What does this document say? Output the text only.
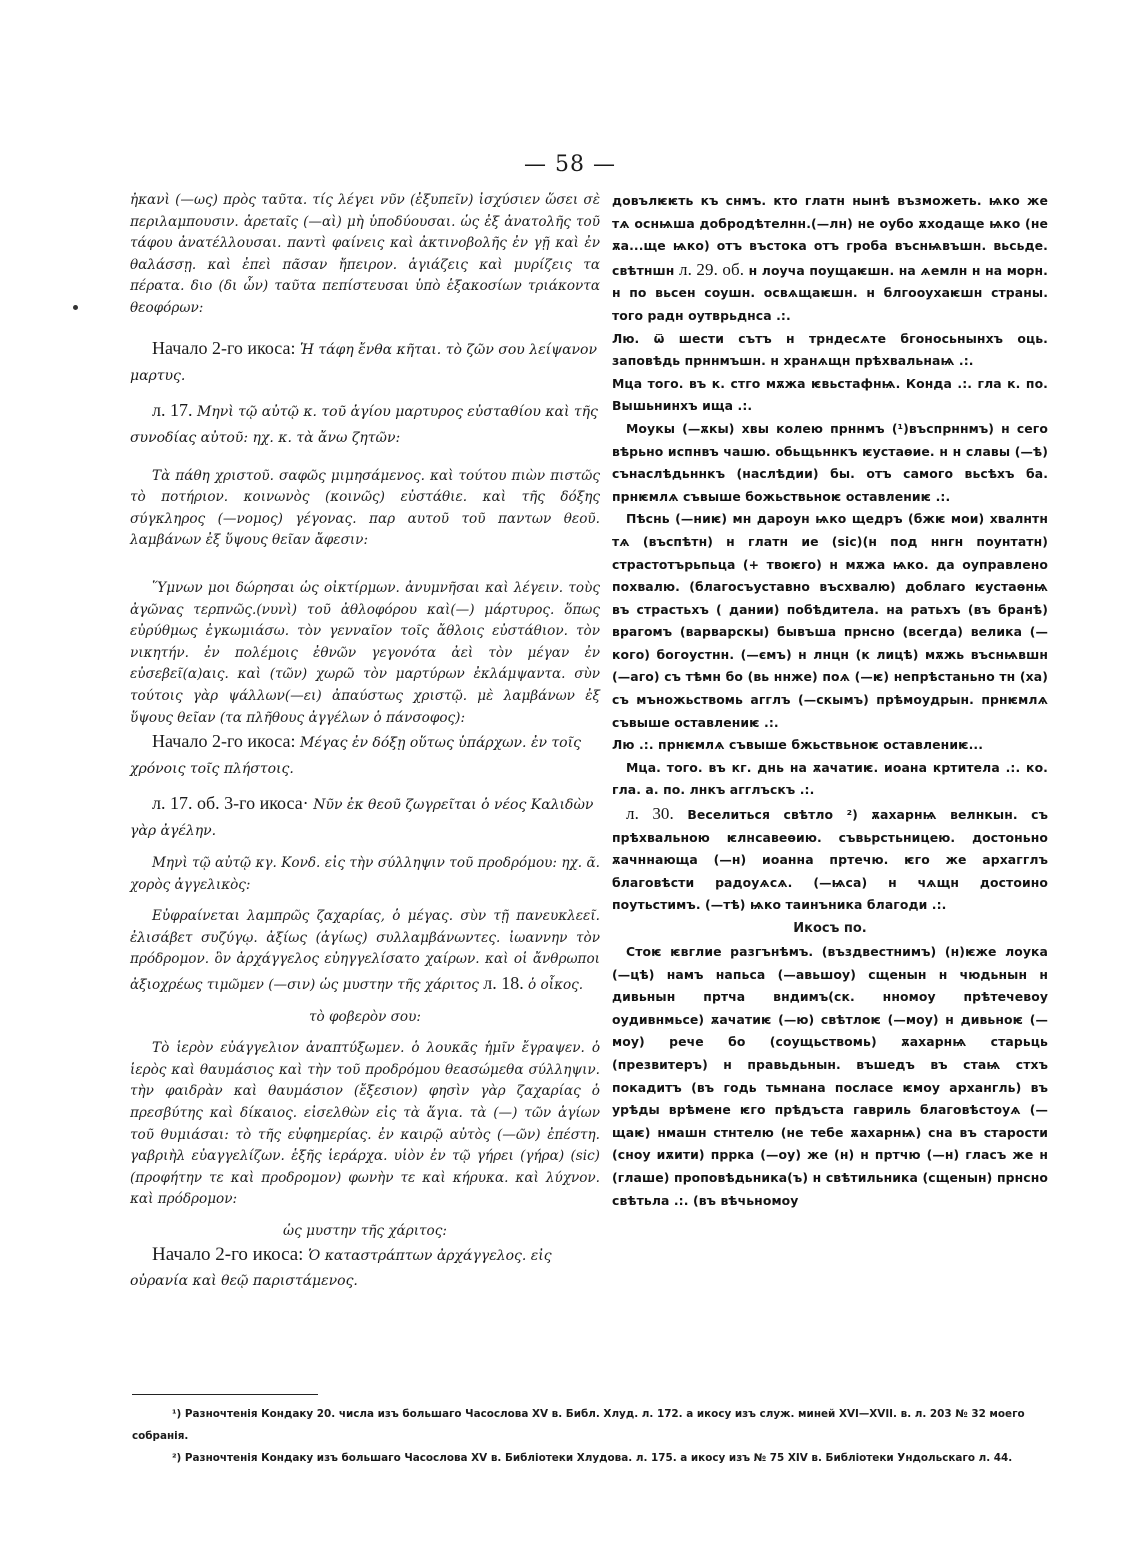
— 58 —

ἠκανὶ (—ως) πρὸς ταῦτα. τίς λέγει νῦν (ἐξυπεῖν) ἰσχύσιεν ὥσει σὲ περιλαμπουσιν. ἀρεταῖς (—αὶ) μὴ ὑποδύουσαι. ὡς ἐξ ἀνατολῆς τοῦ τάφου ἀνατέλλουσαι. παντὶ φαίνεις καὶ ἀκτινοβολῆς ἐν γῇ καὶ ἐν θαλάσσῃ. καὶ ἐπεὶ πᾶσαν ἤπειρον. ἁγιάζεις καὶ μυρίζεις τα πέρατα. διο (δι ὧν) ταῦτα πεπίστευσαι ὑπὸ ἑξακοσίων τριάκοντα θεοφόρων:

Начало 2-го икоса: Ἡ τάφη ἔνθα κῆται. τὸ ζῶν σου λείψανον μαρτυς.

л. 17. Μηνὶ τῷ αὐτῷ κ. τοῦ ἁγίου μαρτυρος εὐσταθίου καὶ τῆς συνοδίας αὐτοῦ: ηχ. κ. τὰ ἄνω ζητῶν:

Τὰ πάθη χριστοῦ. σαφῶς μιμησάμενος. καὶ τούτου πιὼν πιστῶς τὸ ποτήριον. κοινωνὸς (κοινῶς) εὐστάθιε. καὶ τῆς δόξης σύγκληρος (—νομος) γέγονας. παρ αυτοῦ τοῦ παντων θεοῦ. λαμβάνων ἐξ ὕψους θεῖαν ἄφεσιν:

Ὕμνων μοι δώρησαι ὡς οἰκτίρμων. ἀνυμνῆσαι καὶ λέγειν. τοὺς ἀγῶνας τερπνῶς.(νυνὶ) τοῦ ἀθλοφόρου καὶ(—) μάρτυρος. ὅπως εὐρύθμως ἐγκωμιάσω. τὸν γενναῖον τοῖς ἄθλοις εὐστάθιον. τὸν νικητήν. ἐν πολέμοις ἐθνῶν γεγονότα ἀεὶ τὸν μέγαν ἐν εὐσεβεῖ(α)αις. καὶ (τῶν) χωρῶ τὸν μαρτύρων ἐκλάμψαντα. σὺν τούτοις γὰρ ψάλλων(—ει) ἀπαύστως χριστῷ. μὲ λαμβάνων ἐξ ὕψους θεῖαν (τα πλῆθους ἀγγέλων ὁ πάνσοφος):

Начало 2-го икоса: Μέγας ἐν δόξῃ οὕτως ὑπάρχων. ἐν τοῖς χρόνοις τοῖς πλήστοις.

л. 17. об. 3-го икоса· Νῦν ἐκ θεοῦ ζωγρεῖται ὁ νέος Καλιδὼν γὰρ ἀγέλην.

Μηνὶ τῷ αὐτῷ κγ. Κονδ. εἰς τὴν σύλληψιν τοῦ προδρόμου: ηχ. ᾶ. χορὸς ἀγγελικὸς:

Εὐφραίνεται λαμπρῶς ζαχαρίας, ὁ μέγας. σὺν τῇ πανευκλεεῖ. ἐλισάβετ συζύγῳ. ἀξίως (ἁγίως) συλλαμβάνωντες. ἰωαννην τὸν πρόδρομον. ὃν ἀρχάγγελος εὐηγγελίσατο χαίρων. καὶ οἱ ἄνθρωποι ἀξιοχρέως τιμῶμεν (—σιν) ὡς μυστην τῆς χάριτος л. 18. ὁ οἶκος.

τὸ φοβερὸν σου:

Τὸ ἱερὸν εὐάγγελιον ἀναπτύξωμεν. ὁ λουκᾶς ἡμῖν ἔγραψεν. ὁ ἱερὸς καὶ θαυμάσιος καὶ τὴν τοῦ προδρόμου θεασώμεθα σύλληψιν. τὴν φαιδρὰν καὶ θαυμάσιον (ἔξεσιον) φησὶν γὰρ ζαχαρίας ὁ πρεσβύτης καὶ δίκαιος. εἰσελθὼν εἰς τὰ ἅγια. τὰ (—) τῶν ἁγίων τοῦ θυμιάσαι: τὸ τῆς εὐφημερίας. ἐν καιρῷ αὐτὸς (—ῶν) ἐπέστη. γαβριὴλ εὐαγγελίζων. ἑξῆς ἱεράρχα. υἱὸν ἐν τῷ γήρει (γήρα) (sic) (προφήτην τε καὶ προδρομον) φωνὴν τε καὶ κήρυκα. καὶ λύχνον. καὶ πρόδρομον:

ὡς μυστην τῆς χάριτος:

Начало 2-го икоса: Ὁ καταστράπτων ἀρχάγγελος. εἰς οὐρανία καὶ θεῷ παριστάμενος.

довълѥѥть къ снмъ. кто глатн нынѣ възможеть. ѩко же тѧ оснѩша добродѣтелнн.(—лн) не оубо ѫходаще ѩко (не ѫа...ще ѩко) отъ въстока отъ гроба въснѩвъшн. вьсьде. свѣтншн л. 29. об. н лоуча поущаѥшн. на ѧемлн н на морн. н по вьсен соушн. освѧщаѥшн. н блгооухаѥшн страны. того радн оутврьднса .:.

Лю. ѿ шести сътъ н трндесѧте бгоносьнынхъ оць. заповѣдь прннмъшн. н хранѧщн прѣхвальнаѩ .:.

Мца того. въ к. стго мѫжа ѥвьстафнѩ. Конда .:. гла к. по. Вышьнинхъ ища .:.

Моукы (—ѫкы) хвы колею прннмъ (¹)въспрннмъ) н сего вѣрьно испнвъ чашю. обьщьннкъ ѥустаѳие. н н славы (—ѣ) сънаслѣдьннкъ (наслѣдии) бы. отъ самого вьсѣхъ ба. прнѥмлѧ съвыше божьствьноѥ оставлениѥ .:.

Пѣснь (—ниѥ) мн дароун ѩко щедръ (бжѥ мои) хвалнтн тѧ (въспѣтн) н глатн ие (sic)(н под ннгн поунтатн) страстотърьпьца (+ твоѥго) н мѫжа ѩко. да оуправлено похвалю. (благосъуставно въсхвалю) доблаго ѥустаѳнѩ въ страстьхъ ( дании) побѣдитела. на ратьхъ (въ бранѣ) врагомъ (варварскы) бывъша прнсно (всегда) велика (—кого) богоустнн. (—ємъ) н лнцн (к лицѣ) мѫжь въснѩвшн (—аго) съ тѣмн бо (вь ннже) поѧ (—ѥ) непрѣстаньно тн (ха) съ мъножьствомь агглъ (—скымъ) прѣмоудрын. прнѥмлѧ съвыше оставлениѥ .:.

Лю .:. прнѥмлѧ съвыше бжьствьноѥ оставлениѥ...

Мца. того. въ кг. днь на ѫачатиѥ. иоана кртитела .:. ко. гла. а. по. лнкъ агглъскъ .:.

л. 30. Веселиться свѣтло ²) ѫахарнѩ велнкын. съ прѣхвальною ѥлнсавеѳию. съвьрстьницею. достоньно ѫачннающа (—н) иоанна пртечю. ѥго же архагглъ благовѣсти радоуѧсѧ. (—ѩса) н чѧщн достоино поутьстимъ. (—тѣ) ѩко таинъника благоди .:.

Икосъ по.

Стоѥ ѥвглие разгънѣмъ. (въздвестнимъ) (н)ѥже лоука (—цѣ) намъ напьса (—авьшоу) сщенын н чюдьнын н дивьнын пртча вндимъ(ск. нномоу прѣтечевоу оудивнмьсе) ѫачатиѥ (—ю) свѣтлоѥ (—моу) н дивьноѥ (—моу) рече бо (соущьствомь) ѫахарнѩ старьць (презвитеръ) н правьдьнын. въшедъ въ стаѩ стхъ покадитъ (въ годь тьмнана посласе ѥмоу архангль) въ урѣды врѣмене ѥго прѣдъста гавриль благовѣстоуѧ (—щаѥ) нмашн стнтелю (не тебе ѫахарнѩ) сна въ старости (сноу иѫити) прркa (—оу) же (н) н пртчю (—н) гласъ же н (глаше) проповѣдьника(ъ) н свѣтильника (сщенын) прнсно свѣтьла .:. (въ вѣчьномоу

¹) Разночтенія Кондаку 20. числа изъ большаго Часослова XV в. Библ. Хлуд. л. 172. а икосу изъ служ. миней XVI—XVII. в. л. 203 № 32 моего собранія.

²) Разночтенія Кондаку изъ большаго Часослова XV в. Библіотеки Хлудова. л. 175. а икосу изъ № 75 XIV в. Библіотеки Ундольскаго л. 44.
